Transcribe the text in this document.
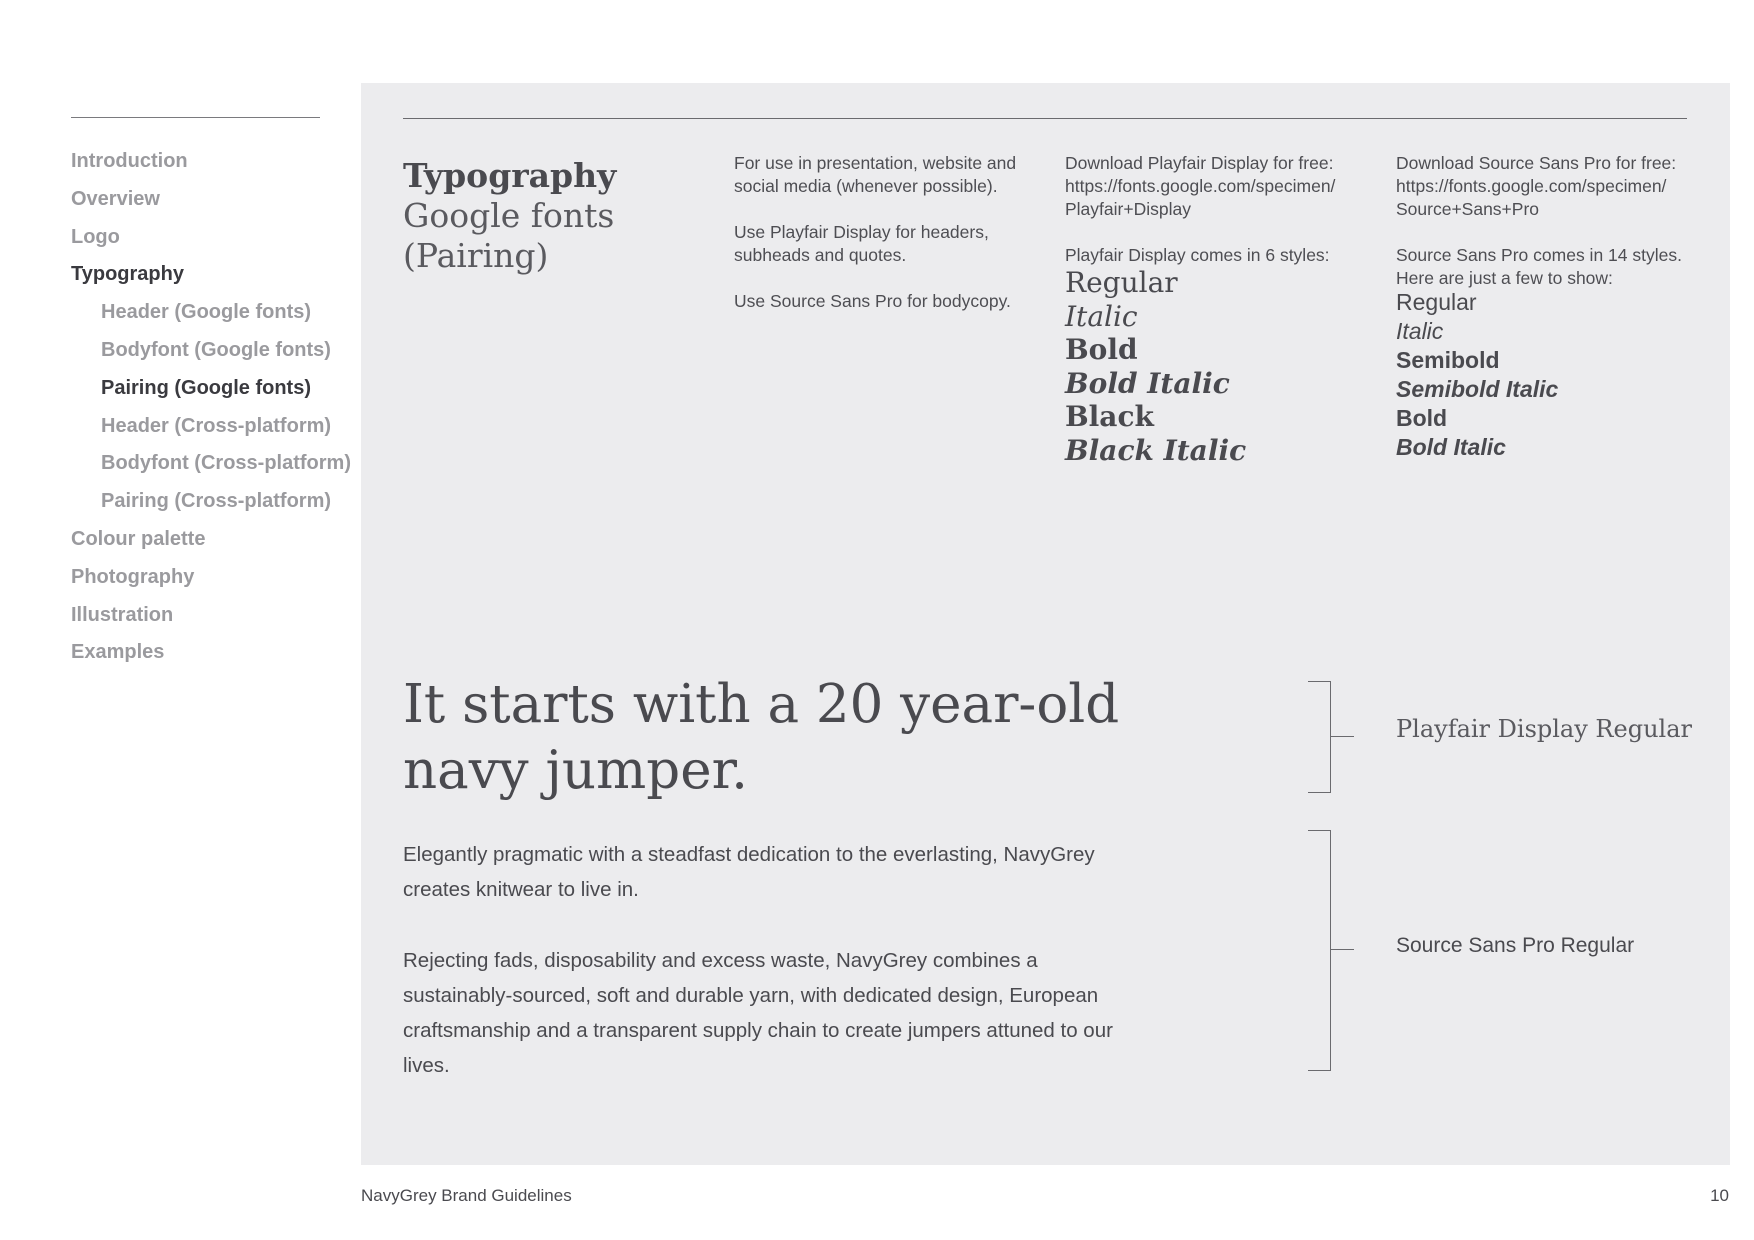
Introduction
Overview
Logo
Typography
Header (Google fonts)
Bodyfont (Google fonts)
Pairing (Google fonts)
Header (Cross-platform)
Bodyfont (Cross-platform)
Pairing (Cross-platform)
Colour palette
Photography
Illustration
Examples
Typography
Google fonts
(Pairing)

For use in presentation, website and social media (whenever possible).

Use Playfair Display for headers, subheads and quotes.

Use Source Sans Pro for bodycopy.

Download Playfair Display for free:
https://fonts.google.com/specimen/
Playfair+Display
Playfair Display comes in 6 styles:
Regular
Italic
Bold
Bold Italic
Black
Black Italic
Download Source Sans Pro for free:
https://fonts.google.com/specimen/
Source+Sans+Pro
Source Sans Pro comes in 14 styles.
Here are just a few to show:
Regular
Italic
Semibold
Semibold Italic
Bold
Bold Italic
It starts with a 20 year-old navy jumper.

Elegantly pragmatic with a steadfast dedication to the everlasting, NavyGrey creates knitwear to live in.

Rejecting fads, disposability and excess waste, NavyGrey combines a sustainably-sourced, soft and durable yarn, with dedicated design, European craftsmanship and a transparent supply chain to create jumpers attuned to our lives.

Playfair Display Regular
Source Sans Pro Regular
NavyGrey Brand Guidelines	10
